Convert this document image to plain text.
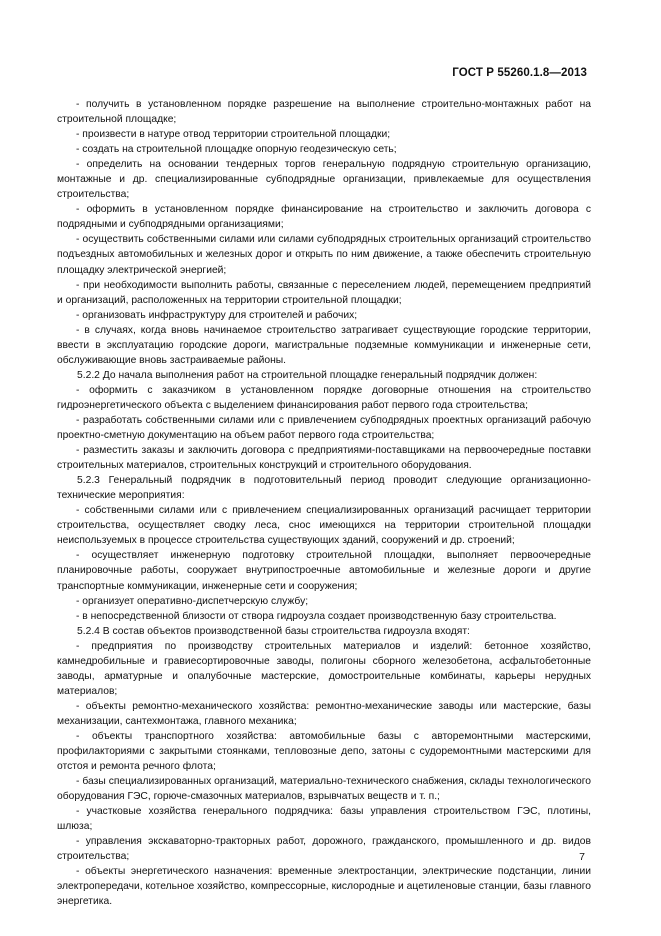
ГОСТ Р 55260.1.8—2013

- получить в установленном порядке разрешение на выполнение строительно-монтажных работ на строительной площадке;

- произвести в натуре отвод территории строительной площадки;

- создать на строительной площадке опорную геодезическую сеть;

- определить на основании тендерных торгов генеральную подрядную строительную организацию, монтажные и др. специализированные субподрядные организации, привлекаемые для осуществления строительства;

- оформить в установленном порядке финансирование на строительство и заключить договора с подрядными и субподрядными организациями;

- осуществить собственными силами или силами субподрядных строительных организаций строительство подъездных автомобильных и железных дорог и открыть по ним движение, а также обеспечить строительную площадку электрической энергией;

- при необходимости выполнить работы, связанные с переселением людей, перемещением предприятий и организаций, расположенных на территории строительной площадки;

- организовать инфраструктуру для строителей и рабочих;

- в случаях, когда вновь начинаемое строительство затрагивает существующие городские территории, ввести в эксплуатацию городские дороги, магистральные подземные коммуникации и инженерные сети, обслуживающие вновь застраиваемые районы.

5.2.2 До начала выполнения работ на строительной площадке генеральный подрядчик должен:

- оформить с заказчиком в установленном порядке договорные отношения на строительство гидроэнергетического объекта с выделением финансирования работ первого года строительства;

- разработать собственными силами или с привлечением субподрядных проектных организаций рабочую проектно-сметную документацию на объем работ первого года строительства;

- разместить заказы и заключить договора с предприятиями-поставщиками на первоочередные поставки строительных материалов, строительных конструкций и строительного оборудования.

5.2.3 Генеральный подрядчик в подготовительный период проводит следующие организационно-технические мероприятия:

- собственными силами или с привлечением специализированных организаций расчищает территории строительства, осуществляет сводку леса, снос имеющихся на территории строительной площадки неиспользуемых в процессе строительства существующих зданий, сооружений и др. строений;

- осуществляет инженерную подготовку строительной площадки, выполняет первоочередные планировочные работы, сооружает внутрипостроечные автомобильные и железные дороги и другие транспортные коммуникации, инженерные сети и сооружения;

- организует оперативно-диспетчерскую службу;

- в непосредственной близости от створа гидроузла создает производственную базу строительства.

5.2.4 В состав объектов производственной базы строительства гидроузла входят:

- предприятия по производству строительных материалов и изделий: бетонное хозяйство, камнедробильные и гравиесортировочные заводы, полигоны сборного железобетона, асфальтобетонные заводы, арматурные и опалубочные мастерские, домостроительные комбинаты, карьеры нерудных материалов;

- объекты ремонтно-механического хозяйства: ремонтно-механические заводы или мастерские, базы механизации, сантехмонтажа, главного механика;

- объекты транспортного хозяйства: автомобильные базы с авторемонтными мастерскими, профилакториями с закрытыми стоянками, тепловозные депо, затоны с судоремонтными мастерскими для отстоя и ремонта речного флота;

- базы специализированных организаций, материально-технического снабжения, склады технологического оборудования ГЭС, горюче-смазочных материалов, взрывчатых веществ и т. п.;

- участковые хозяйства генерального подрядчика: базы управления строительством ГЭС, плотины, шлюза;

- управления экскаваторно-тракторных работ, дорожного, гражданского, промышленного и др. видов строительства;

- объекты энергетического назначения: временные электростанции, электрические подстанции, линии электропередачи, котельное хозяйство, компрессорные, кислородные и ацетиленовые станции, базы главного энергетика.

7
